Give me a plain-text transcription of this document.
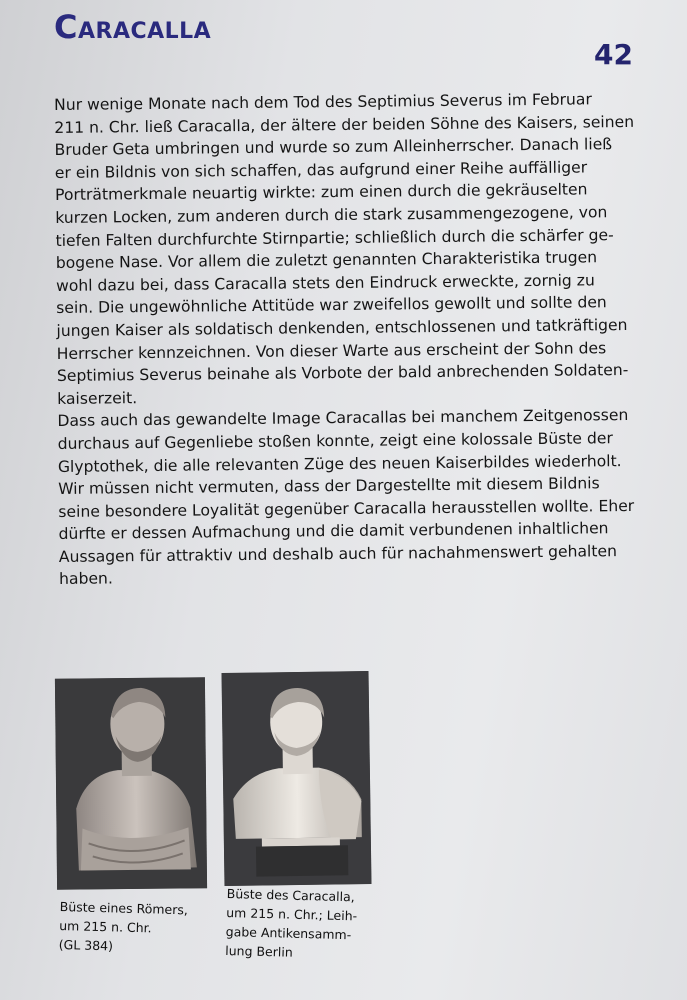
Caracalla
42

Nur wenige Monate nach dem Tod des Septimius Severus im Februar
211 n. Chr. ließ Caracalla, der ältere der beiden Söhne des Kaisers, seinen
Bruder Geta umbringen und wurde so zum Alleinherrscher. Danach ließ
er ein Bildnis von sich schaffen, das aufgrund einer Reihe auffälliger
Porträtmerkmale neuartig wirkte: zum einen durch die gekräuselten
kurzen Locken, zum anderen durch die stark zusammengezogene, von
tiefen Falten durchfurchte Stirnpartie; schließlich durch die schärfer ge-
bogene Nase. Vor allem die zuletzt genannten Charakteristika trugen
wohl dazu bei, dass Caracalla stets den Eindruck erweckte, zornig zu
sein. Die ungewöhnliche Attitüde war zweifellos gewollt und sollte den
jungen Kaiser als soldatisch denkenden, entschlossenen und tatkräftigen
Herrscher kennzeichnen. Von dieser Warte aus erscheint der Sohn des
Septimius Severus beinahe als Vorbote der bald anbrechenden Soldaten-
kaiserzeit.

Dass auch das gewandelte Image Caracallas bei manchem Zeitgenossen
durchaus auf Gegenliebe stoßen konnte, zeigt eine kolossale Büste der
Glyptothek, die alle relevanten Züge des neuen Kaiserbildes wiederholt.
Wir müssen nicht vermuten, dass der Dargestellte mit diesem Bildnis
seine besondere Loyalität gegenüber Caracalla herausstellen wollte. Eher
dürfte er dessen Aufmachung und die damit verbundenen inhaltlichen
Aussagen für attraktiv und deshalb auch für nachahmenswert gehalten
haben.

Büste eines Römers,
um 215 n. Chr.
(GL 384)
Büste des Caracalla,
um 215 n. Chr.; Leih-
gabe Antikensamm-
lung Berlin
